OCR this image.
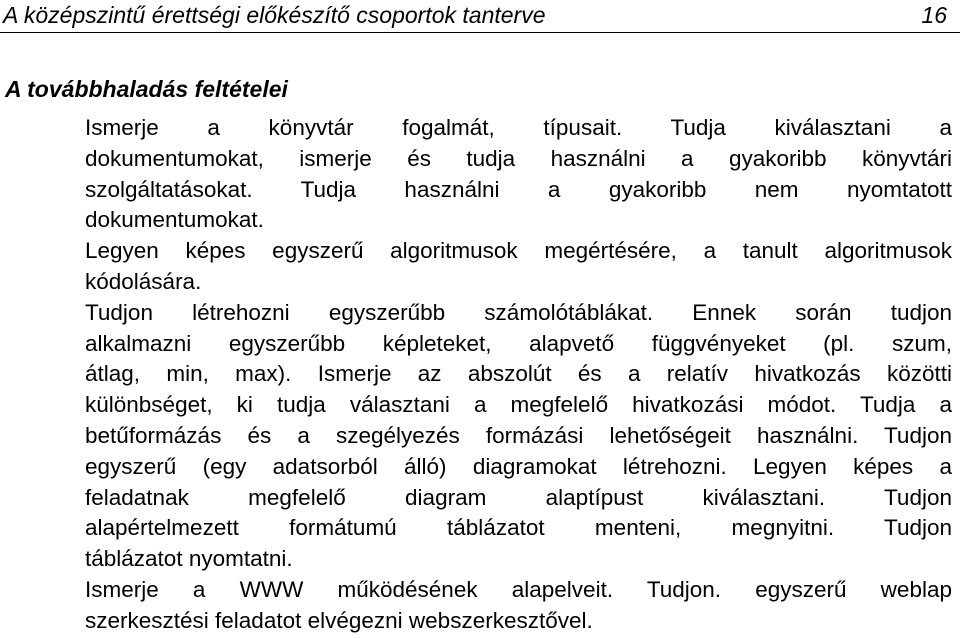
A középszintű érettségi előkészítő csoportok tanterve	16
A továbbhaladás feltételei

Ismerje a könyvtár fogalmát, típusait. Tudja kiválasztani a
dokumentumokat, ismerje és tudja használni a gyakoribb könyvtári
szolgáltatásokat. Tudja használni a gyakoribb nem nyomtatott
dokumentumokat.

Legyen képes egyszerű algoritmusok megértésére, a tanult algoritmusok
kódolására.

Tudjon létrehozni egyszerűbb számolótáblákat. Ennek során tudjon
alkalmazni egyszerűbb képleteket, alapvető függvényeket (pl. szum,
átlag, min, max). Ismerje az abszolút és a relatív hivatkozás közötti
különbséget, ki tudja választani a megfelelő hivatkozási módot. Tudja a
betűformázás és a szegélyezés formázási lehetőségeit használni. Tudjon
egyszerű (egy adatsorból álló) diagramokat létrehozni. Legyen képes a
feladatnak megfelelő diagram alaptípust kiválasztani. Tudjon
alapértelmezett formátumú táblázatot menteni, megnyitni. Tudjon
táblázatot nyomtatni.

Ismerje a WWW működésének alapelveit. Tudjon. egyszerű weblap
szerkesztési feladatot elvégezni webszerkesztővel.
